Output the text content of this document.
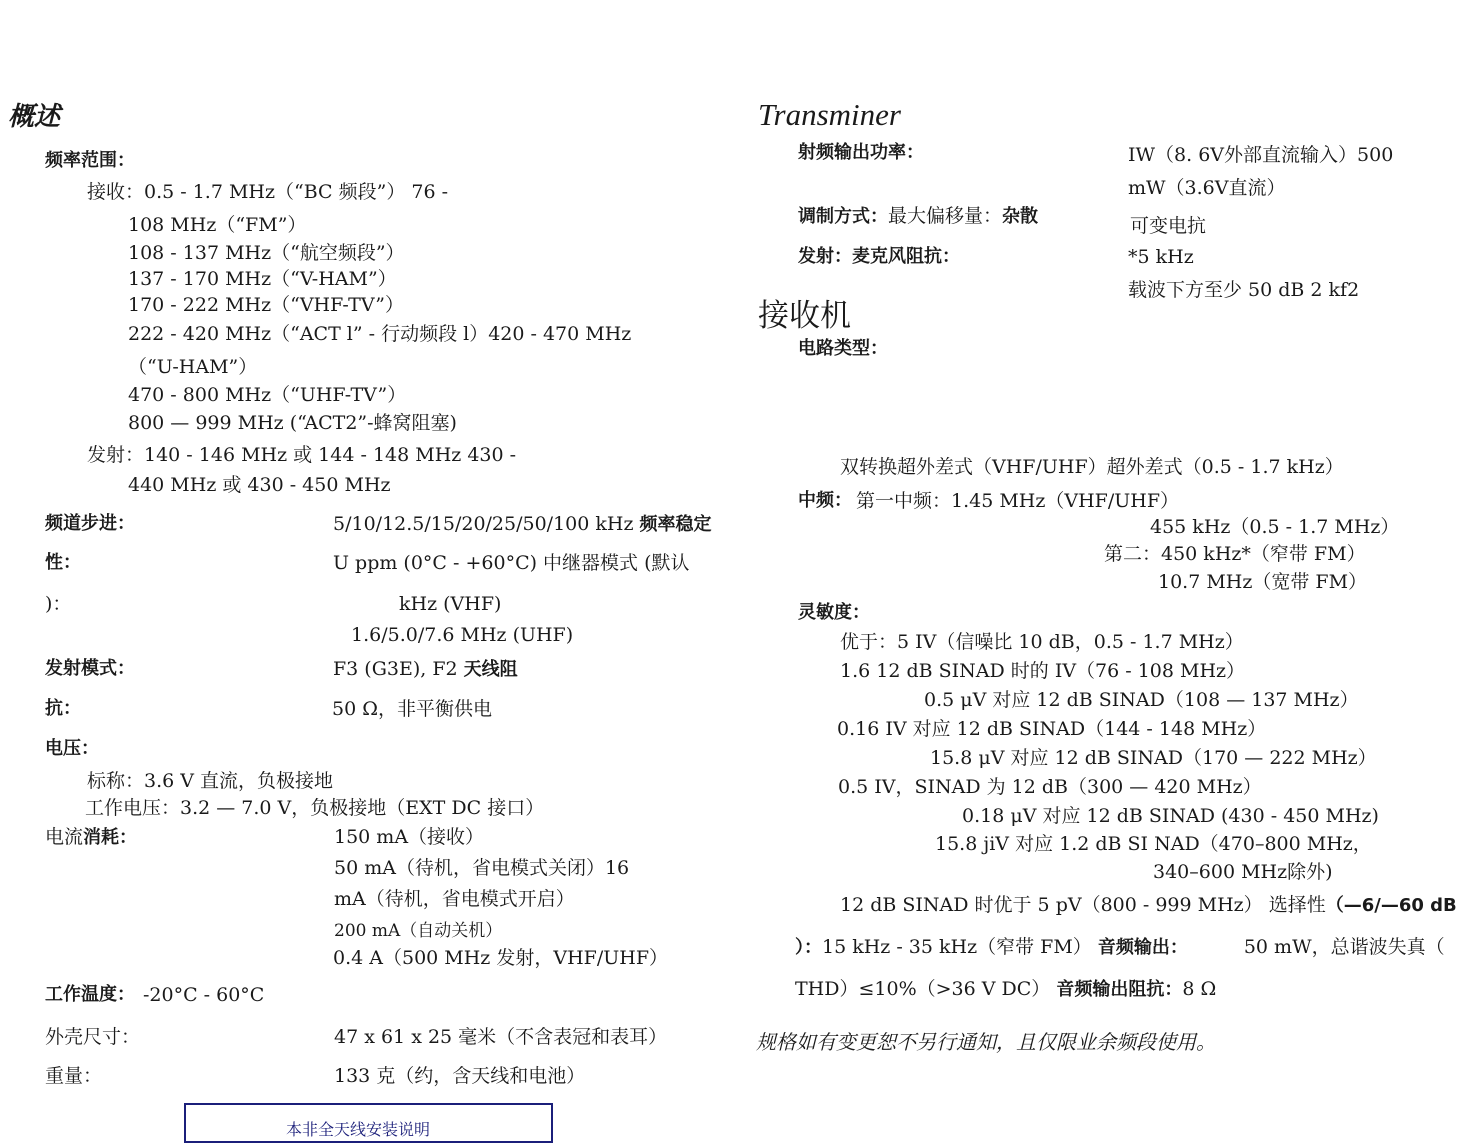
概述
频率范围：
接收：0.5 - 1.7 MHz（“BC 频段”） 76 -
108 MHz（“FM”）
108 - 137 MHz（“航空频段”）
137 - 170 MHz（“V-HAM”）
170 - 222 MHz（“VHF-TV”）
222 - 420 MHz（“ACT l” - 行动频段 l）420 - 470 MHz
（“U-HAM”）
470 - 800 MHz（“UHF-TV”）
800 — 999 MHz (“ACT2”-蜂窝阻塞)
发射：140 - 146 MHz 或 144 - 148 MHz 430 -
440 MHz 或 430 - 450 MHz
频道步进：	5/10/12.5/15/20/25/50/100 kHz 频率稳定
性：	U ppm (0°C - +60°C) 中继器模式 (默认
)：	kHz (VHF)
1.6/5.0/7.6 MHz (UHF)
发射模式：	F3 (G3E), F2 天线阻
抗：	50 Ω，非平衡供电
电压：
标称：3.6 V 直流，负极接地
工作电压：3.2 — 7.0 V，负极接地（EXT DC 接口）
电流消耗：	150 mA（接收）
50 mA（待机，省电模式关闭）16
mA（待机，省电模式开启）
200 mA（自动关机）
0.4 A（500 MHz 发射，VHF/UHF）
工作温度： -20°C - 60°C
外壳尺寸：	47 x 61 x 25 毫米（不含表冠和表耳）
重量：	133 克（约，含天线和电池）
本非全天线安装说明
Transminer
射频输出功率：	IW（8. 6V外部直流输入）500
mW（3.6V直流）
调制方式：最大偏移量：杂散	可变电抗
发射：麦克风阻抗：	*5 kHz
载波下方至少 50 dB 2 kf2
接收机
电路类型：
双转换超外差式（VHF/UHF）超外差式（0.5 - 1.7 kHz）
中频： 第一中频：1.45 MHz（VHF/UHF）
455 kHz（0.5 - 1.7 MHz）
第二：450 kHz*（窄带 FM）
10.7 MHz（宽带 FM）
灵敏度：
优于：5 IV（信噪比 10 dB，0.5 - 1.7 MHz）
1.6 12 dB SINAD 时的 IV（76 - 108 MHz）
0.5 μV 对应 12 dB SINAD（108 — 137 MHz）
0.16 IV 对应 12 dB SINAD（144 - 148 MHz）
15.8 μV 对应 12 dB SINAD（170 — 222 MHz）
0.5 IV，SINAD 为 12 dB（300 — 420 MHz）
0.18 μV 对应 12 dB SINAD (430 - 450 MHz)
15.8 jiV 对应 1.2 dB SI NAD（470–800 MHz，
340–600 MHz除外)
12 dB SINAD 时优于 5 pV（800 - 999 MHz） 选择性（—6/—60 dB
）：15 kHz - 35 kHz（窄带 FM） 音频输出：	50 mW，总谐波失真（
THD）≤10%（>36 V DC） 音频输出阻抗：8 Ω
规格如有变更恕不另行通知，且仅限业余频段使用。
